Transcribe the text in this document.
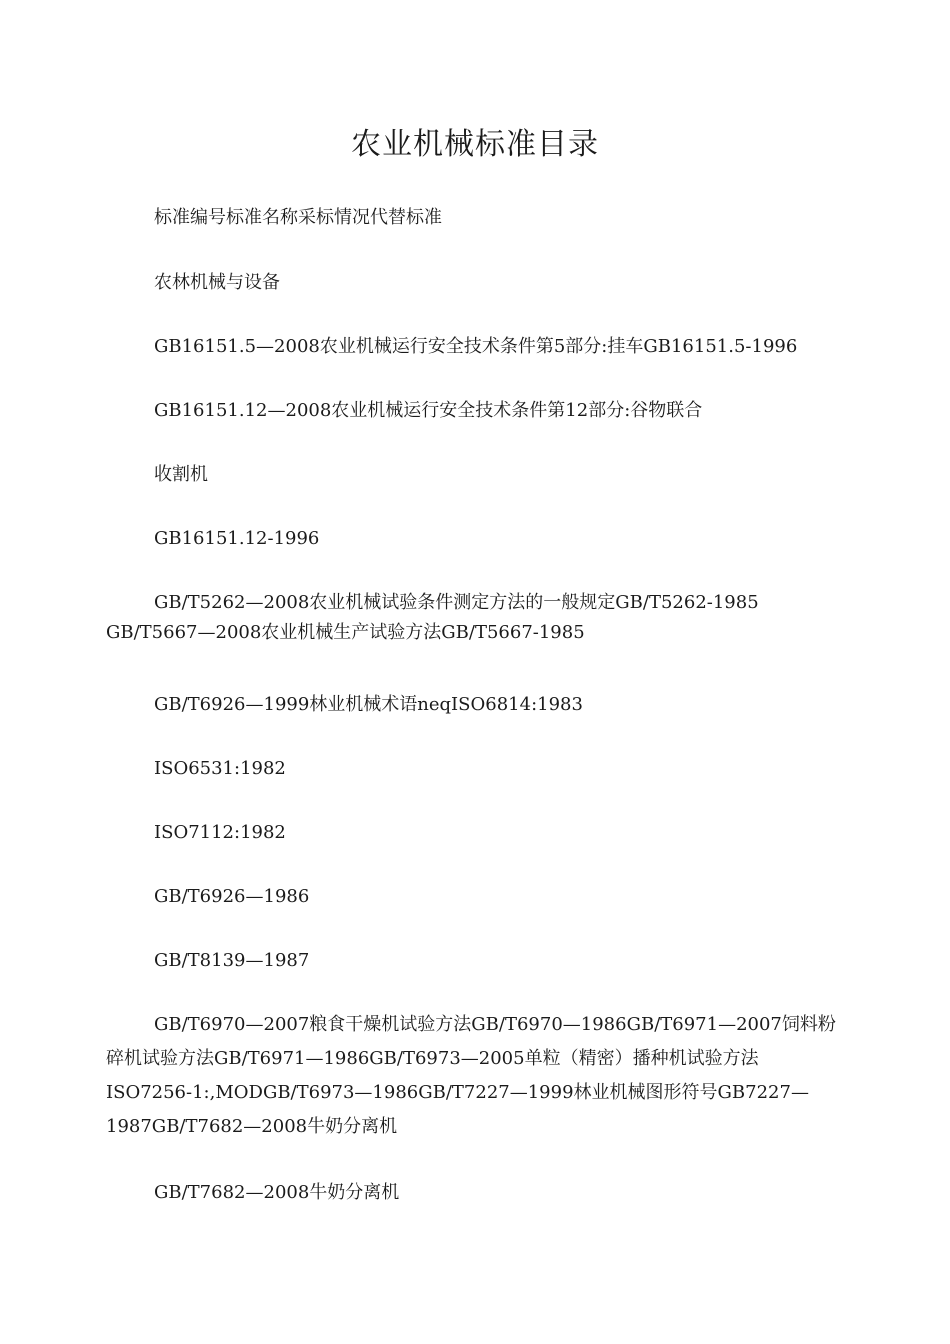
农业机械标准目录

标准编号标准名称采标情况代替标准

农林机械与设备

GB16151.5—2008农业机械运行安全技术条件第5部分:挂车GB16151.5-1996

GB16151.12—2008农业机械运行安全技术条件第12部分:谷物联合

收割机

GB16151.12-1996

GB/T5262—2008农业机械试验条件测定方法的一般规定GB/T5262-1985
GB/T5667—2008农业机械生产试验方法GB/T5667-1985

GB/T6926—1999林业机械术语neqISO6814:1983

ISO6531:1982

ISO7112:1982

GB/T6926—1986

GB/T8139—1987

GB/T6970—2007粮食干燥机试验方法GB/T6970—1986GB/T6971—2007饲料粉
碎机试验方法GB/T6971—1986GB/T6973—2005单粒（精密）播种机试验方法
ISO7256-1:,MODGB/T6973—1986GB/T7227—1999林业机械图形符号GB7227—
1987GB/T7682—2008牛奶分离机

GB/T7682—2008牛奶分离机
